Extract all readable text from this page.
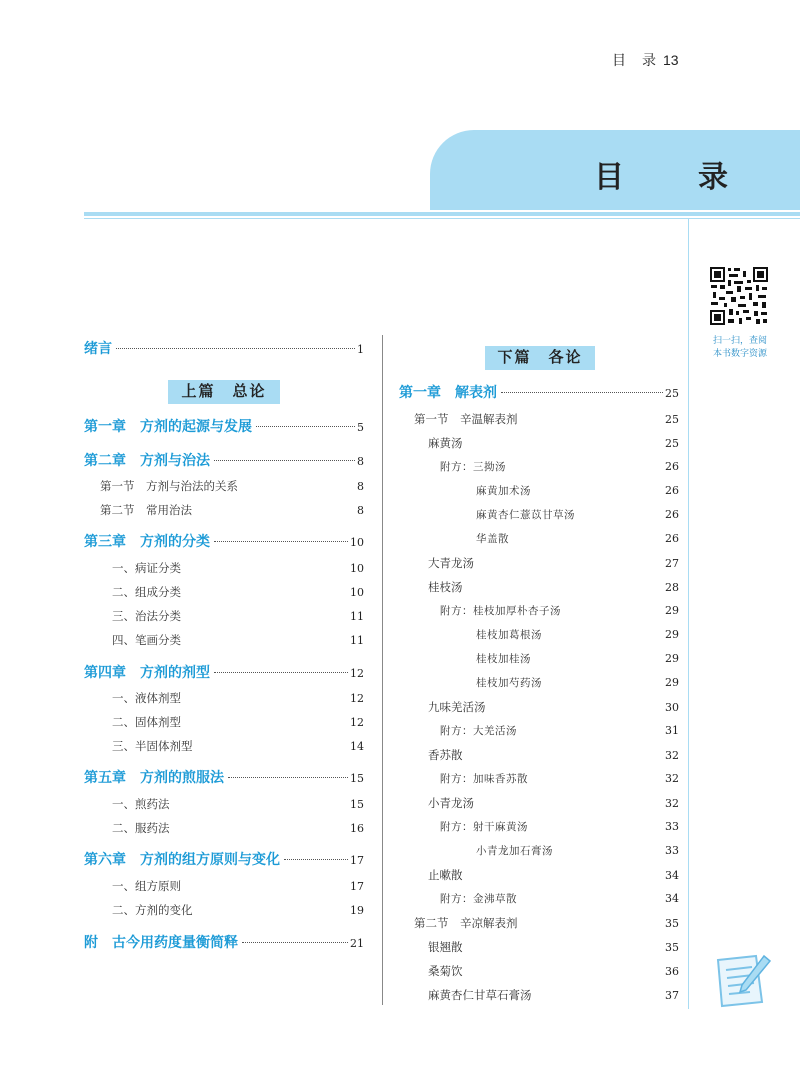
目　录 13
目　录
扫一扫，查阅
本书数字资源
绪言	1
上篇　总论
第一章　方剂的起源与发展	5
第二章　方剂与治法	8
第一节　方剂与治法的关系	8
第二节　常用治法	8
第三章　方剂的分类	10
一、病证分类	10
二、组成分类	10
三、治法分类	11
四、笔画分类	11
第四章　方剂的剂型	12
一、液体剂型	12
二、固体剂型	12
三、半固体剂型	14
第五章　方剂的煎服法	15
一、煎药法	15
二、服药法	16
第六章　方剂的组方原则与变化	17
一、组方原则	17
二、方剂的变化	19
附　古今用药度量衡简释	21
下篇　各论
第一章　解表剂	25
第一节　辛温解表剂	25
麻黄汤	25
附方：三拗汤	26
麻黄加术汤	26
麻黄杏仁薏苡甘草汤	26
华盖散	26
大青龙汤	27
桂枝汤	28
附方：桂枝加厚朴杏子汤	29
桂枝加葛根汤	29
桂枝加桂汤	29
桂枝加芍药汤	29
九味羌活汤	30
附方：大羌活汤	31
香苏散	32
附方：加味香苏散	32
小青龙汤	32
附方：射干麻黄汤	33
小青龙加石膏汤	33
止嗽散	34
附方：金沸草散	34
第二节　辛凉解表剂	35
银翘散	35
桑菊饮	36
麻黄杏仁甘草石膏汤	37
